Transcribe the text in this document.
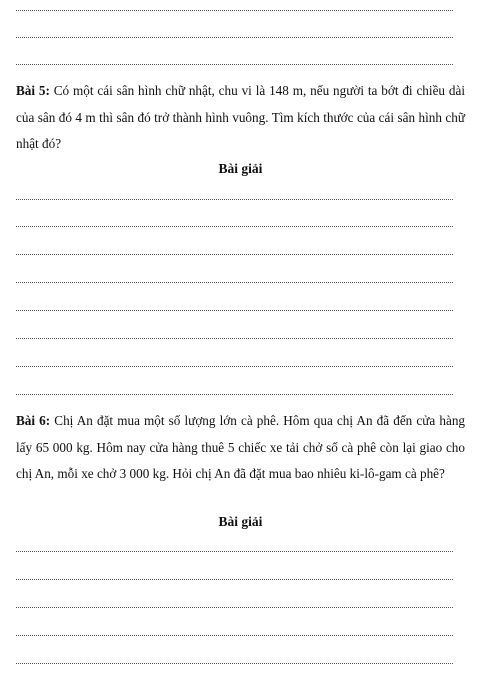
Bài 5: Có một cái sân hình chữ nhật, chu vi là 148 m, nếu người ta bớt đi chiều dài của sân đó 4 m thì sân đó trở thành hình vuông. Tìm kích thước của cái sân hình chữ nhật đó?
Bài giải
Bài 6: Chị An đặt mua một số lượng lớn cà phê. Hôm qua chị An đã đến cửa hàng lấy 65 000 kg. Hôm nay cửa hàng thuê 5 chiếc xe tải chở số cà phê còn lại giao cho chị An, mỗi xe chở 3 000 kg. Hỏi chị An đã đặt mua bao nhiêu ki-lô-gam cà phê?
Bài giải
